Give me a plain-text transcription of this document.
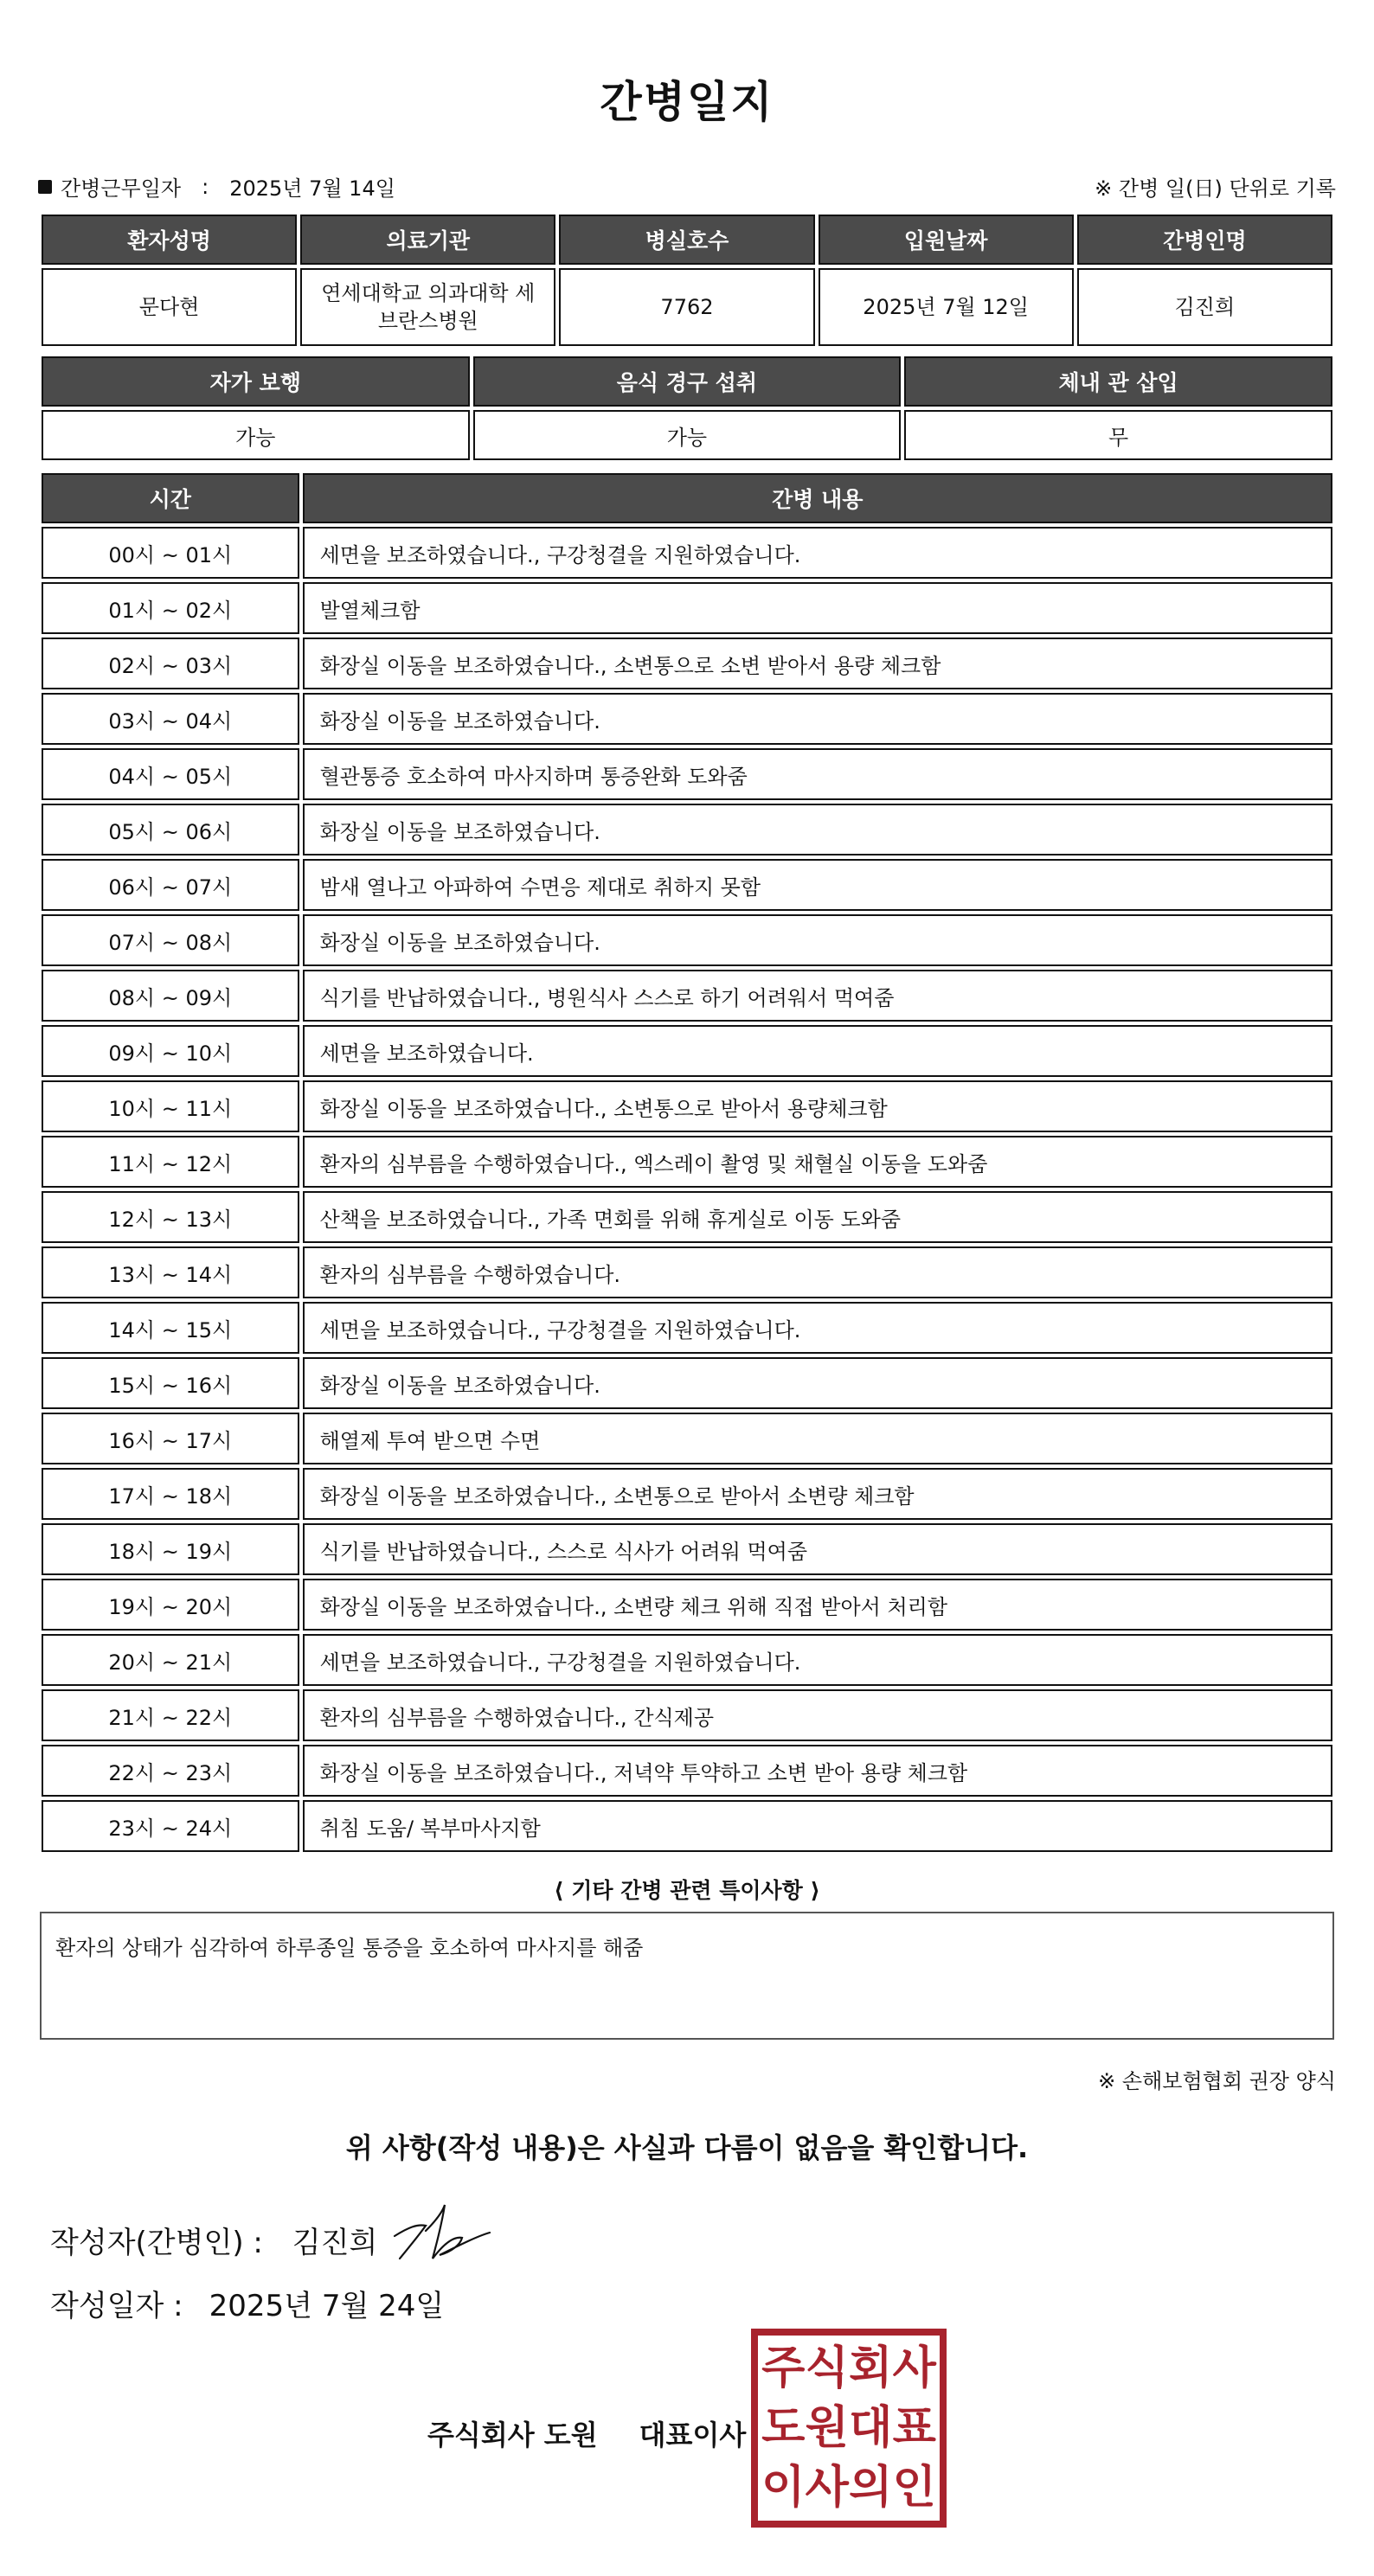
간병일지
간병근무일자 : 2025년 7월 14일	※ 간병 일(日) 단위로 기록
환자성명	의료기관	병실호수	입원날짜	간병인명
문다현	연세대학교 의과대학 세브란스병원	7762	2025년 7월 12일	김진희
자가 보행	음식 경구 섭취	체내 관 삽입
가능	가능	무
시간	간병 내용
00시 ~ 01시	세면을 보조하였습니다., 구강청결을 지원하였습니다.
01시 ~ 02시	발열체크함
02시 ~ 03시	화장실 이동을 보조하였습니다., 소변통으로 소변 받아서 용량 체크함
03시 ~ 04시	화장실 이동을 보조하였습니다.
04시 ~ 05시	혈관통증 호소하여 마사지하며 통증완화 도와줌
05시 ~ 06시	화장실 이동을 보조하였습니다.
06시 ~ 07시	밤새 열나고 아파하여 수면응 제대로 취하지 못함
07시 ~ 08시	화장실 이동을 보조하였습니다.
08시 ~ 09시	식기를 반납하였습니다., 병원식사 스스로 하기 어려워서 먹여줌
09시 ~ 10시	세면을 보조하였습니다.
10시 ~ 11시	화장실 이동을 보조하였습니다., 소변통으로 받아서 용량체크함
11시 ~ 12시	환자의 심부름을 수행하였습니다., 엑스레이 촬영 및 채혈실 이동을 도와줌
12시 ~ 13시	산책을 보조하였습니다., 가족 면회를 위해 휴게실로 이동 도와줌
13시 ~ 14시	환자의 심부름을 수행하였습니다.
14시 ~ 15시	세면을 보조하였습니다., 구강청결을 지원하였습니다.
15시 ~ 16시	화장실 이동을 보조하였습니다.
16시 ~ 17시	해열제 투여 받으면 수면
17시 ~ 18시	화장실 이동을 보조하였습니다., 소변통으로 받아서 소변량 체크함
18시 ~ 19시	식기를 반납하였습니다., 스스로 식사가 어려워 먹여줌
19시 ~ 20시	화장실 이동을 보조하였습니다., 소변량 체크 위해 직접 받아서 처리함
20시 ~ 21시	세면을 보조하였습니다., 구강청결을 지원하였습니다.
21시 ~ 22시	환자의 심부름을 수행하였습니다., 간식제공
22시 ~ 23시	화장실 이동을 보조하였습니다., 저녁약 투약하고 소변 받아 용량 체크함
23시 ~ 24시	취침 도움/ 복부마사지함
⟨ 기타 간병 관련 특이사항 ⟩
환자의 상태가 심각하여 하루종일 통증을 호소하여 마사지를 해줌
※ 손해보험협회 권장 양식
위 사항(작성 내용)은 사실과 다름이 없음을 확인합니다.
작성자(간병인) : 김진희
작성일자 : 2025년 7월 24일
주식회사 도원 대표이사
주 식 회 사
도 원 대 표
이 사 의 인
